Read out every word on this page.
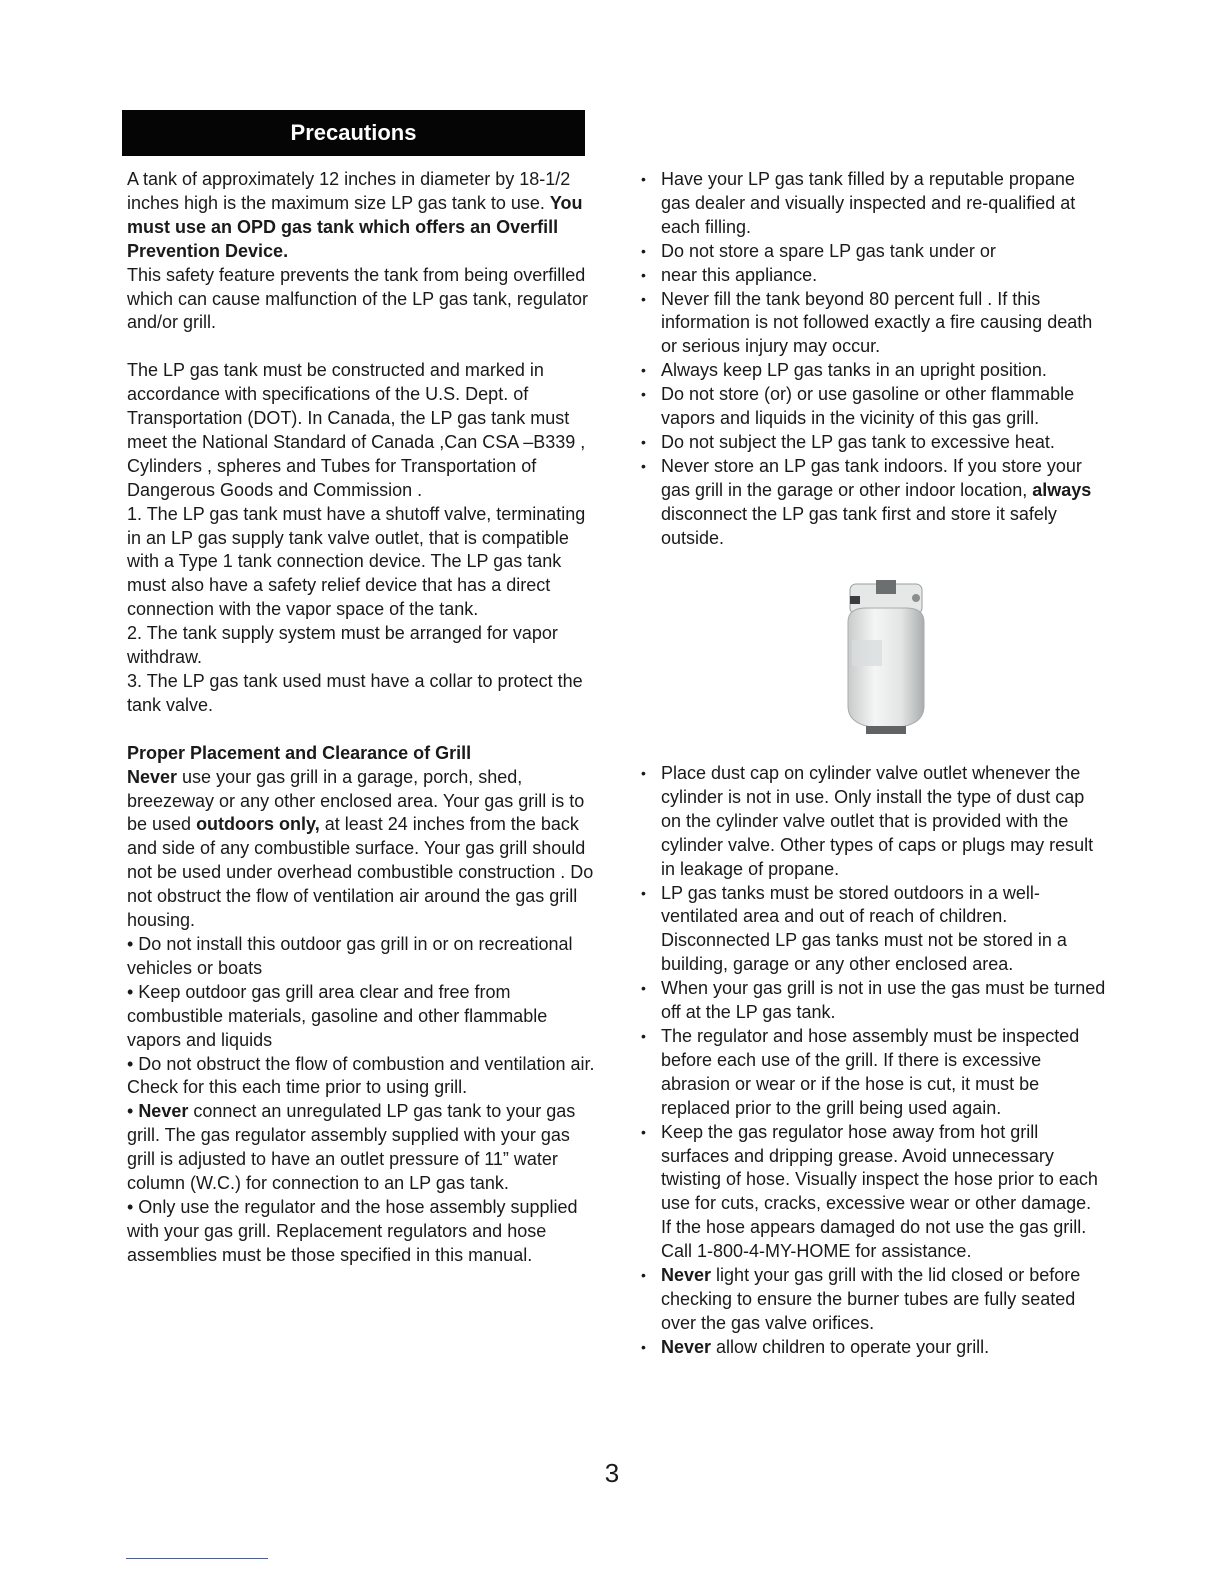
Precautions

A tank of approximately 12 inches in diameter by 18-1/2 inches high is the maximum size LP gas tank to use. You must use an OPD gas tank which offers an Overfill Prevention Device.

This safety feature prevents the tank from being overfilled which can cause malfunction of the LP gas tank, regulator and/or grill.

The LP gas tank must be constructed and marked in accordance with specifications of the U.S. Dept. of Transportation (DOT). In Canada, the LP gas tank must meet the National Standard of Canada ,Can CSA –B339 , Cylinders , spheres and Tubes for Transportation of Dangerous Goods and Commission .

1. The LP gas tank must have a shutoff valve, terminating in an LP gas supply tank valve outlet, that is compatible with a Type 1 tank connection device. The LP gas tank must also have a safety relief device that has a direct connection with the vapor space of the tank.

2. The tank supply system must be arranged for vapor withdraw.

3. The LP gas tank used must have a collar to protect the tank valve.

Proper Placement and Clearance of Grill

Never use your gas grill in a garage, porch, shed, breezeway or any other enclosed area. Your gas grill is to be used outdoors only, at least 24 inches from the back and side of any combustible surface. Your gas grill should not be used under overhead combustible construction . Do not obstruct the flow of ventilation air around the gas grill housing.

• Do not install this outdoor gas grill in or on recreational vehicles or boats

• Keep outdoor gas grill area clear and free from combustible materials, gasoline and other flammable vapors and liquids

• Do not obstruct the flow of combustion and ventilation air. Check for this each time prior to using grill.

• Never connect an unregulated LP gas tank to your gas grill. The gas regulator assembly supplied with your gas grill is adjusted to have an outlet pressure of 11” water column (W.C.) for connection to an LP gas tank.

• Only use the regulator and the hose assembly supplied with your gas grill. Replacement regulators and hose assemblies must be those specified in this manual.

• Have your LP gas tank filled by a reputable propane gas dealer and visually inspected and re-qualified at each filling.
• Do not store a spare LP gas tank under or
• near this appliance.
• Never fill the tank beyond 80 percent full . If this information is not followed exactly a fire causing death or serious injury may occur.
• Always keep LP gas tanks in an upright position.
• Do not store (or) or use gasoline or other flammable vapors and liquids in the vicinity of this gas grill.
• Do not subject the LP gas tank to excessive heat.
• Never store an LP gas tank indoors. If you store your gas grill in the garage or other indoor location, always disconnect the LP gas tank first and store it safely outside.
• Place dust cap on cylinder valve outlet whenever the cylinder is not in use. Only install the type of dust cap on the cylinder valve outlet that is provided with the cylinder valve. Other types of caps or plugs may result in leakage of propane.
• LP gas tanks must be stored outdoors in a well-ventilated area and out of reach of children. Disconnected LP gas tanks must not be stored in a building, garage or any other enclosed area.
• When your gas grill is not in use the gas must be turned off at the LP gas tank.
• The regulator and hose assembly must be inspected before each use of the grill. If there is excessive abrasion or wear or if the hose is cut, it must be replaced prior to the grill being used again.
• Keep the gas regulator hose away from hot grill surfaces and dripping grease. Avoid unnecessary twisting of hose. Visually inspect the hose prior to each use for cuts, cracks, excessive wear or other damage. If the hose appears damaged do not use the gas grill. Call 1-800-4-MY-HOME for assistance.
• Never light your gas grill with the lid closed or before checking to ensure the burner tubes are fully seated over the gas valve orifices.
• Never allow children to operate your grill.
3
